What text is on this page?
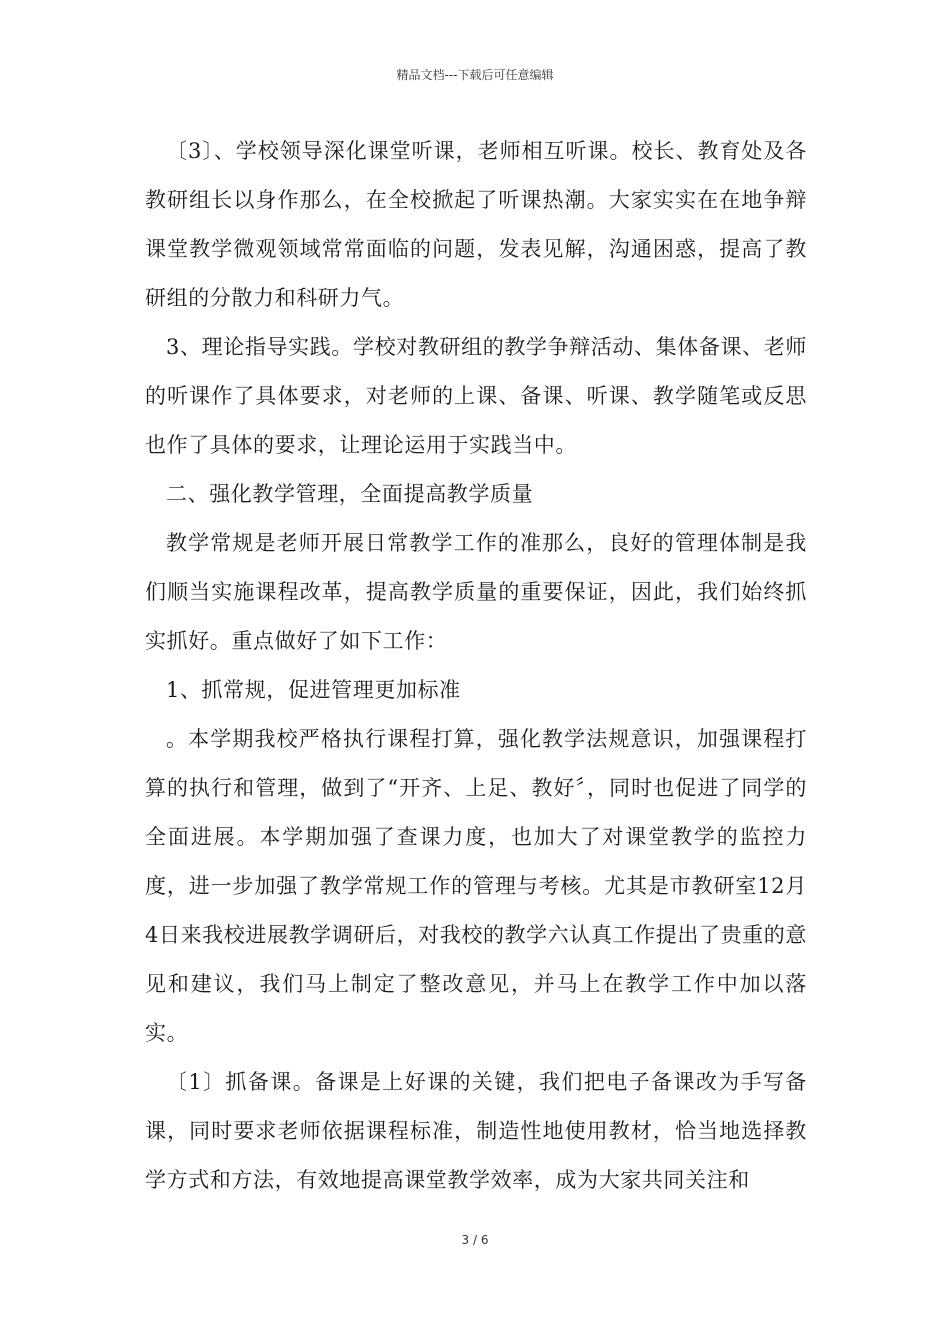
精品文档---下载后可任意编辑

〔3〕、学校领导深化课堂听课，老师相互听课。校长、教育处及各教研组长以身作那么，在全校掀起了听课热潮。大家实实在在地争辩课堂教学微观领域常常面临的问题，发表见解，沟通困惑，提高了教研组的分散力和科研力气。

3、理论指导实践。学校对教研组的教学争辩活动、集体备课、老师的听课作了具体要求，对老师的上课、备课、听课、教学随笔或反思也作了具体的要求，让理论运用于实践当中。

二、强化教学管理，全面提高教学质量

教学常规是老师开展日常教学工作的准那么，良好的管理体制是我们顺当实施课程改革，提高教学质量的重要保证，因此，我们始终抓实抓好。重点做好了如下工作：

1、抓常规，促进管理更加标准

。本学期我校严格执行课程打算，强化教学法规意识，加强课程打算的执行和管理，做到了“开齐、上足、教好〞，同时也促进了同学的全面进展。本学期加强了查课力度，也加大了对课堂教学的监控力度，进一步加强了教学常规工作的管理与考核。尤其是市教研室12月4日来我校进展教学调研后，对我校的教学六认真工作提出了贵重的意见和建议，我们马上制定了整改意见，并马上在教学工作中加以落实。

〔1〕抓备课。备课是上好课的关键，我们把电子备课改为手写备课，同时要求老师依据课程标准，制造性地使用教材，恰当地选择教学方式和方法，有效地提高课堂教学效率，成为大家共同关注和

3 / 6
